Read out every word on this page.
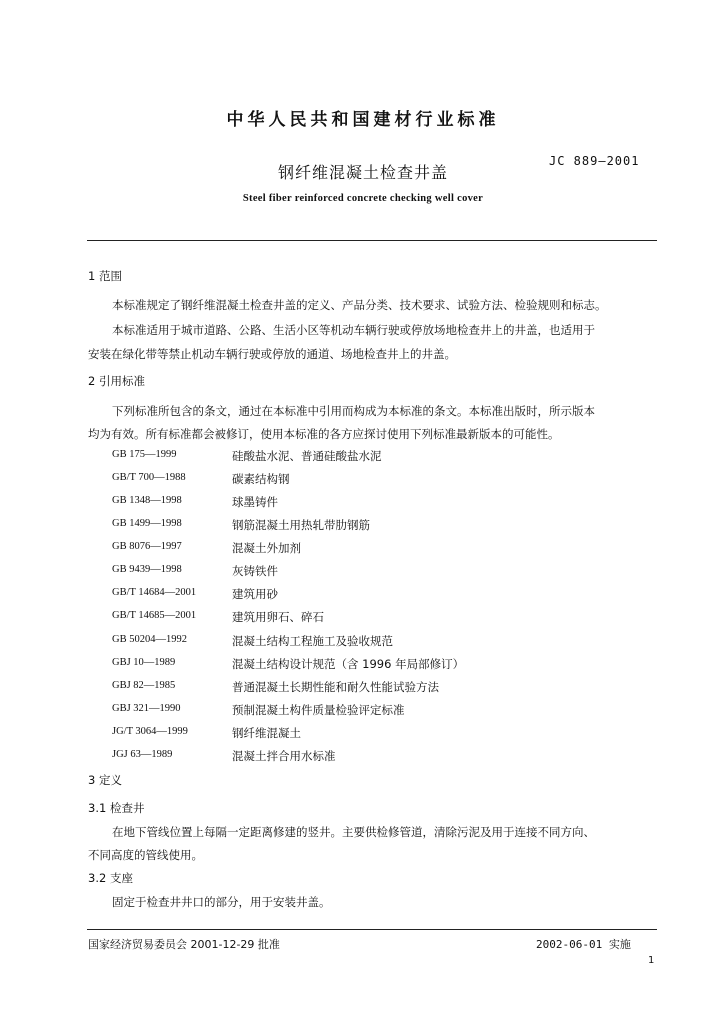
中华人民共和国建材行业标准
钢纤维混凝土检查井盖
JC 889—2001
Steel fiber reinforced concrete checking well cover
1 范围
本标准规定了钢纤维混凝土检查井盖的定义、产品分类、技术要求、试验方法、检验规则和标志。
本标准适用于城市道路、公路、生活小区等机动车辆行驶或停放场地检查井上的井盖，也适用于
安装在绿化带等禁止机动车辆行驶或停放的通道、场地检查井上的井盖。
2 引用标准
下列标准所包含的条文，通过在本标准中引用而构成为本标准的条文。本标准出版时，所示版本
均为有效。所有标准都会被修订，使用本标准的各方应探讨使用下列标准最新版本的可能性。
GB 175—1999	硅酸盐水泥、普通硅酸盐水泥
GB/T 700—1988	碳素结构钢
GB 1348—1998	球墨铸件
GB 1499—1998	钢筋混凝土用热轧带肋钢筋
GB 8076—1997	混凝土外加剂
GB 9439—1998	灰铸铁件
GB/T 14684—2001	建筑用砂
GB/T 14685—2001	建筑用卵石、碎石
GB 50204—1992	混凝土结构工程施工及验收规范
GBJ 10—1989	混凝土结构设计规范（含 1996 年局部修订）
GBJ 82—1985	普通混凝土长期性能和耐久性能试验方法
GBJ 321—1990	预制混凝土构件质量检验评定标准
JG/T 3064—1999	钢纤维混凝土
JGJ 63—1989	混凝土拌合用水标准
3 定义
3.1 检查井
在地下管线位置上每隔一定距离修建的竖井。主要供检修管道，清除污泥及用于连接不同方向、
不同高度的管线使用。
3.2 支座
固定于检查井井口的部分，用于安装井盖。
国家经济贸易委员会 2001-12-29 批准	2002-06-01 实施
1
